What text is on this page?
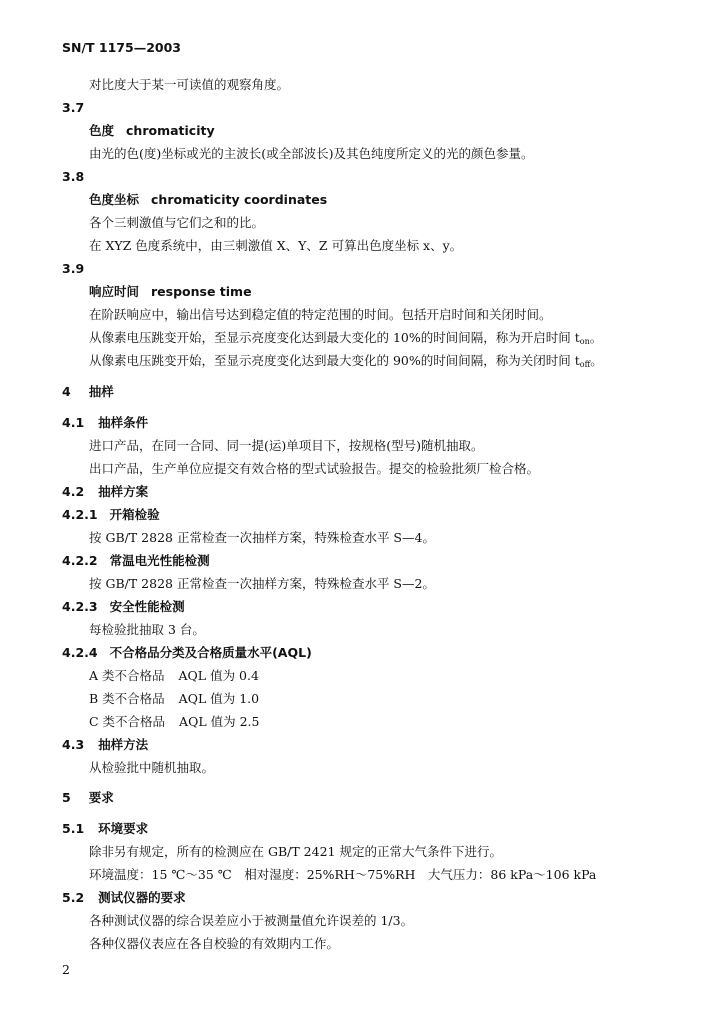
SN/T 1175—2003
对比度大于某一可读值的观察角度。
3.7
色度 chromaticity
由光的色(度)坐标或光的主波长(或全部波长)及其色纯度所定义的光的颜色参量。
3.8
色度坐标 chromaticity coordinates
各个三刺激值与它们之和的比。
在 XYZ 色度系统中，由三刺激值 X、Y、Z 可算出色度坐标 x、y。
3.9
响应时间 response time
在阶跃响应中，输出信号达到稳定值的特定范围的时间。包括开启时间和关闭时间。
从像素电压跳变开始，至显示亮度变化达到最大变化的 10%的时间间隔，称为开启时间 $t_{on}$。
从像素电压跳变开始，至显示亮度变化达到最大变化的 90%的时间间隔，称为关闭时间 $t_{off}$。
4 抽样
4.1 抽样条件
进口产品，在同一合同、同一提(运)单项目下，按规格(型号)随机抽取。
出口产品，生产单位应提交有效合格的型式试验报告。提交的检验批须厂检合格。
4.2 抽样方案
4.2.1 开箱检验
按 GB/T 2828 正常检查一次抽样方案，特殊检查水平 S—4。
4.2.2 常温电光性能检测
按 GB/T 2828 正常检查一次抽样方案，特殊检查水平 S—2。
4.2.3 安全性能检测
每检验批抽取 3 台。
4.2.4 不合格品分类及合格质量水平(AQL)
A 类不合格品 AQL 值为 0.4
B 类不合格品 AQL 值为 1.0
C 类不合格品 AQL 值为 2.5
4.3 抽样方法
从检验批中随机抽取。
5 要求
5.1 环境要求
除非另有规定，所有的检测应在 GB/T 2421 规定的正常大气条件下进行。
环境温度：15 ℃～35 ℃　相对湿度：25%RH～75%RH　大气压力：86 kPa～106 kPa
5.2 测试仪器的要求
各种测试仪器的综合误差应小于被测量值允许误差的 1/3。
各种仪器仪表应在各自校验的有效期内工作。
2
